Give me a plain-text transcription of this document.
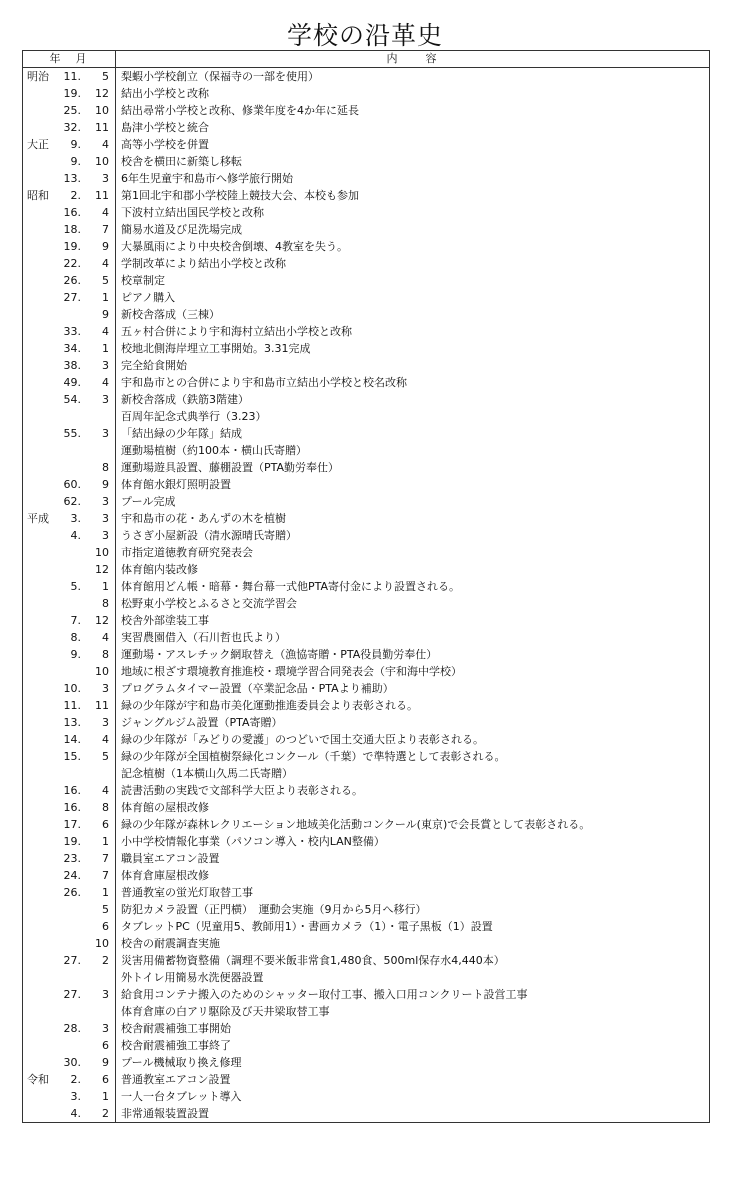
学校の沿革史
年　月	内　　容

明治 11. 5	梨蝦小学校創立（保福寺の一部を使用）

19. 12	結出小学校と改称

25. 10	結出尋常小学校と改称、修業年度を4か年に延長

32. 11	島津小学校と統合

大正 9. 4	高等小学校を併置

9. 10	校舎を横田に新築し移転

13. 3	6年生児童宇和島市へ修学旅行開始

昭和 2. 11	第1回北宇和郡小学校陸上競技大会、本校も参加

16. 4	下波村立結出国民学校と改称

18. 7	簡易水道及び足洗場完成

19. 9	大暴風雨により中央校舎倒壊、4教室を失う。

22. 4	学制改革により結出小学校と改称

26. 5	校章制定

27. 1	ピアノ購入

9	新校舎落成（三棟）

33. 4	五ヶ村合併により宇和海村立結出小学校と改称

34. 1	校地北側海岸埋立工事開始。3.31完成

38. 3	完全給食開始

49. 4	宇和島市との合併により宇和島市立結出小学校と校名改称

54. 3	新校舎落成（鉄筋3階建）

	百周年記念式典挙行（3.23）

55. 3	「結出緑の少年隊」結成

	運動場植樹（約100本・横山氏寄贈）

8	運動場遊具設置、藤棚設置（PTA勤労奉仕）

60. 9	体育館水銀灯照明設置

62. 3	プール完成

平成 3. 3	宇和島市の花・あんずの木を植樹

4. 3	うさぎ小屋新設（清水源晴氏寄贈）

10	市指定道徳教育研究発表会

12	体育館内装改修

5. 1	体育館用どん帳・暗幕・舞台幕一式他PTA寄付金により設置される。

8	松野東小学校とふるさと交流学習会

7. 12	校舎外部塗装工事

8. 4	実習農園借入（石川哲也氏より）

9. 8	運動場・アスレチック網取替え（漁協寄贈・PTA役員勤労奉仕）

10	地域に根ざす環境教育推進校・環境学習合同発表会（宇和海中学校）

10. 3	プログラムタイマー設置（卒業記念品・PTAより補助）

11. 11	緑の少年隊が宇和島市美化運動推進委員会より表彰される。

13. 3	ジャングルジム設置（PTA寄贈）

14. 4	緑の少年隊が「みどりの愛護」のつどいで国土交通大臣より表彰される。

15. 5	緑の少年隊が全国植樹祭緑化コンクール（千葉）で準特選として表彰される。

	記念植樹（1本横山久馬二氏寄贈）

16. 4	読書活動の実践で文部科学大臣より表彰される。

16. 8	体育館の屋根改修

17. 6	緑の少年隊が森林レクリエーション地域美化活動コンクール(東京)で会長賞として表彰される。

19. 1	小中学校情報化事業（パソコン導入・校内LAN整備）

23. 7	職員室エアコン設置

24. 7	体育倉庫屋根改修

26. 1	普通教室の蛍光灯取替工事

5	防犯カメラ設置（正門横）　運動会実施（9月から5月へ移行）

6	タブレットPC（児童用5、教師用1）・書画カメラ（1）・電子黒板（1）設置

10	校舎の耐震調査実施

27. 2	災害用備蓄物資整備（調理不要米飯非常食1,480食、500ml保存水4,440本）

	外トイレ用簡易水洗便器設置

27. 3	給食用コンテナ搬入のためのシャッター取付工事、搬入口用コンクリート設営工事

	体育倉庫の白アリ駆除及び天井梁取替工事

28. 3	校舎耐震補強工事開始

6	校舎耐震補強工事終了

30. 9	プール機械取り換え修理

令和 2. 6	普通教室エアコン設置

3. 1	一人一台タブレット導入

4. 2	非常通報装置設置
